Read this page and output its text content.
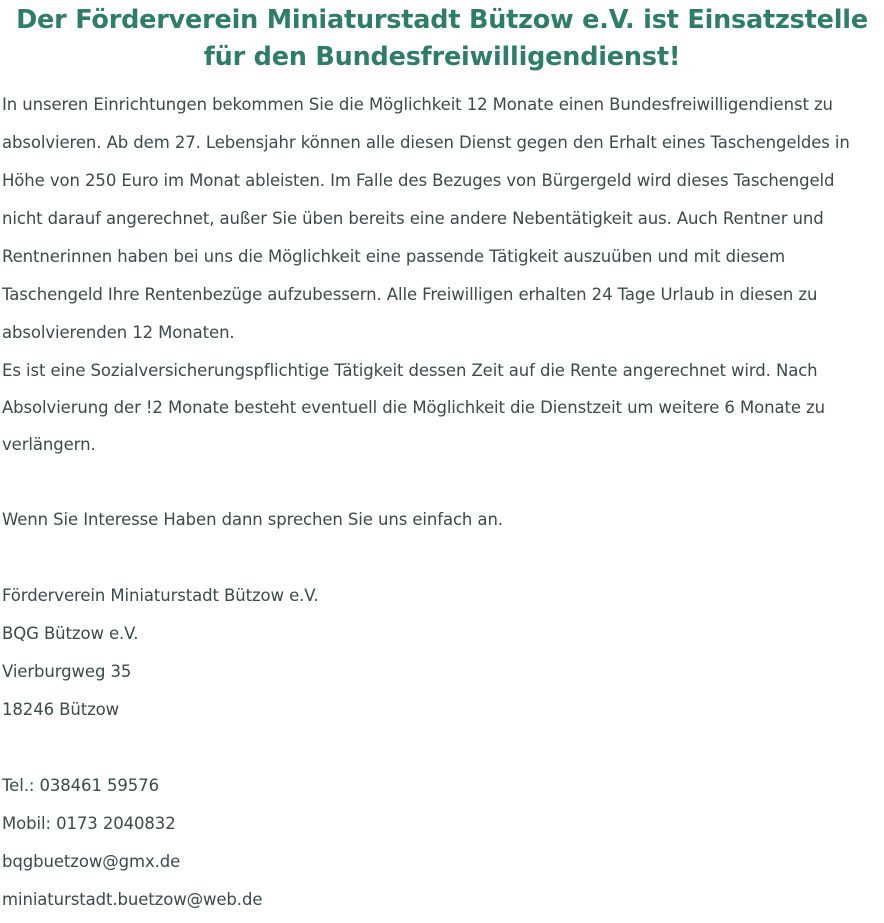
Der Förderverein Miniaturstadt Bützow e.V. ist Einsatzstelle
für den Bundesfreiwilligendienst!

In unseren Einrichtungen bekommen Sie die Möglichkeit 12 Monate einen Bundesfreiwilligendienst zu absolvieren. Ab dem 27. Lebensjahr können alle diesen Dienst gegen den Erhalt eines Taschengeldes in Höhe von 250 Euro im Monat ableisten. Im Falle des Bezuges von Bürgergeld wird dieses Taschengeld nicht darauf angerechnet, außer Sie üben bereits eine andere Nebentätigkeit aus. Auch Rentner und Rentnerinnen haben bei uns die Möglichkeit eine passende Tätigkeit auszuüben und mit diesem Taschengeld Ihre Rentenbezüge aufzubessern. Alle Freiwilligen erhalten 24 Tage Urlaub in diesen zu absolvierenden 12 Monaten.

Es ist eine Sozialversicherungspflichtige Tätigkeit dessen Zeit auf die Rente angerechnet wird. Nach Absolvierung der !2 Monate besteht eventuell die Möglichkeit die Dienstzeit um weitere 6 Monate zu verlängern.

Wenn Sie Interesse Haben dann sprechen Sie uns einfach an.

Förderverein Miniaturstadt Bützow e.V.
BQG Bützow e.V.
Vierburgweg 35
18246 Bützow
Tel.: 038461 59576
Mobil: 0173 2040832
bqgbuetzow@gmx.de
miniaturstadt.buetzow@web.de
